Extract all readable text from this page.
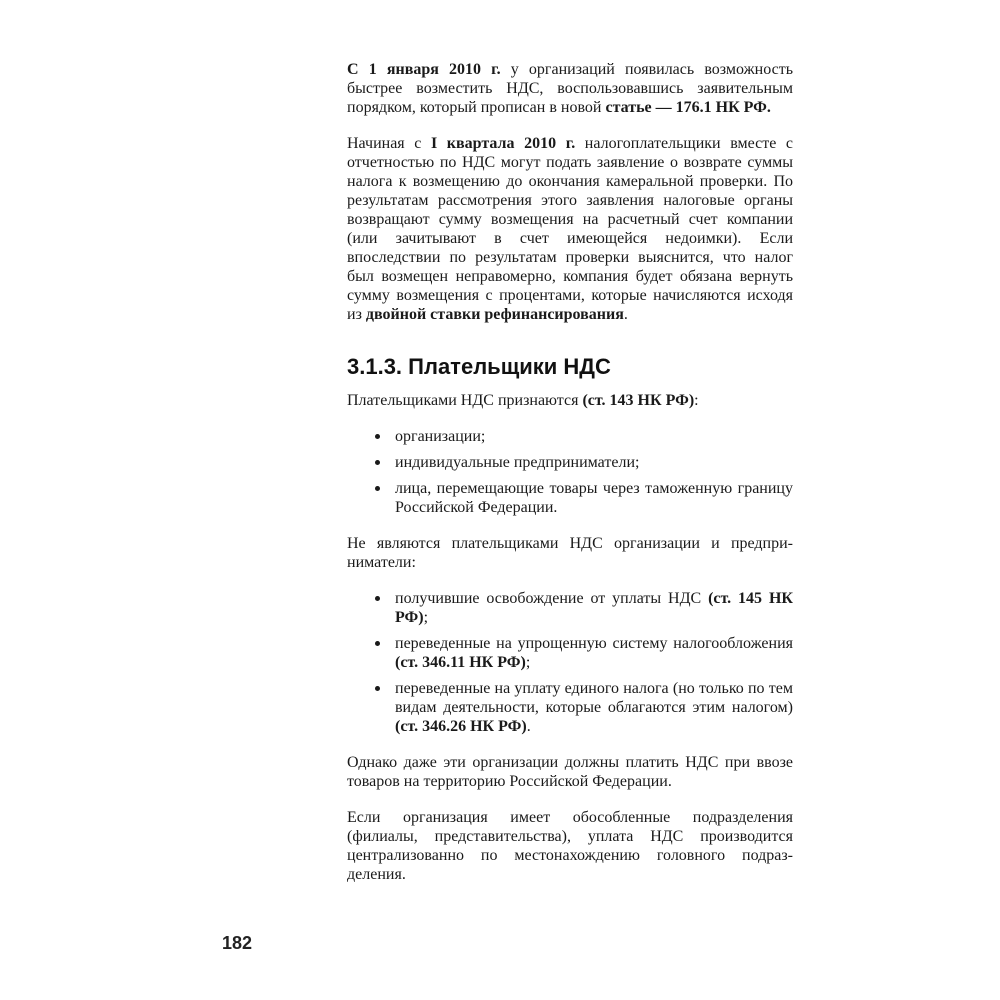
С 1 января 2010 г. у организаций появилась возможность быстрее возместить НДС, воспользовавшись заявительным порядком, который прописан в новой статье — 176.1 НК РФ.

Начиная с I квартала 2010 г. налогоплательщики вместе с отчетностью по НДС могут подать заявление о возврате суммы налога к возмещению до окончания камеральной проверки. По результатам рассмотрения этого заявления налоговые органы возвращают сумму возмещения на расчетный счет компании (или зачитывают в счет имеющейся недоимки). Если впоследствии по результатам проверки выяснится, что налог был возмещен неправомерно, компания будет обязана вернуть сумму возмещения с процентами, которые начисляются исходя из двойной ставки рефинансирования.

3.1.3. Плательщики НДС

Плательщиками НДС признаются (ст. 143 НК РФ):

организации;
индивидуальные предприниматели;
лица, перемещающие товары через таможенную границу Российской Федерации.

Не являются плательщиками НДС организации и предприниматели:

получившие освобождение от уплаты НДС (ст. 145 НК РФ);
переведенные на упрощенную систему налогообложения (ст. 346.11 НК РФ);
переведенные на уплату единого налога (но только по тем видам деятельности, которые облагаются этим налогом) (ст. 346.26 НК РФ).

Однако даже эти организации должны платить НДС при ввозе товаров на территорию Российской Федерации.

Если организация имеет обособленные подразделения (филиалы, представительства), уплата НДС производится централизованно по местонахождению головного подразделения.

182
